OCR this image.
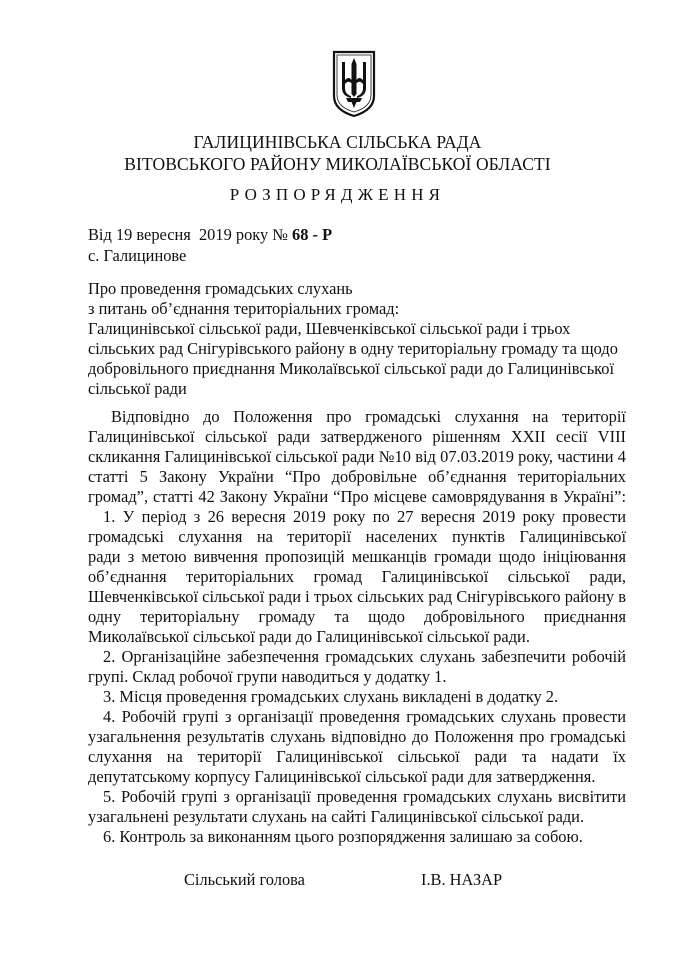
ГАЛИЦИНІВСЬКА СІЛЬСЬКА РАДА
ВІТОВСЬКОГО РАЙОНУ МИКОЛАЇВСЬКОЇ ОБЛАСТІ
РОЗПОРЯДЖЕННЯ
Від 19 вересня  2019 року № 68 - Р
с. Галицинове
Про проведення громадських слухань
з питань об’єднання територіальних громад:
Галицинівської сільської ради, Шевченківської сільської ради і трьох
сільських рад Снігурівського району в одну територіальну громаду та щодо
добровільного приєднання Миколаївської сільської ради до Галицинівської
сільської ради
Відповідно до Положення про громадські слухання на території
Галицинівської сільської ради затвердженого рішенням XXII сесії VIII
скликання Галицинівської сільської ради №10 від 07.03.2019 року, частини 4
статті 5 Закону України “Про добровільне об’єднання територіальних
громад”, статті 42 Закону України “Про місцеве самоврядування в Україні”:
1. У період з 26 вересня 2019 року по 27 вересня 2019 року провести
громадські слухання на території населених пунктів Галицинівської
ради з метою вивчення пропозицій мешканців громади щодо ініціювання
об’єднання територіальних громад Галицинівської сільської ради,
Шевченківської сільської ради і трьох сільських рад Снігурівського району в
одну територіальну громаду та щодо добровільного приєднання
Миколаївської сільської ради до Галицинівської сільської ради.
2. Організаційне забезпечення громадських слухань забезпечити робочій
групі. Склад робочої групи наводиться у додатку 1.
3. Місця проведення громадських слухань викладені в додатку 2.
4. Робочій групі з організації проведення громадських слухань провести
узагальнення результатів слухань відповідно до Положення про громадські
слухання на території Галицинівської сільської ради та надати їх
депутатському корпусу Галицинівської сільської ради для затвердження.
5. Робочій групі з організації проведення громадських слухань висвітити
узагальнені результати слухань на сайті Галицинівської сільської ради.
6. Контроль за виконанням цього розпорядження залишаю за собою.
Сільський голова	І.В. НАЗАР
